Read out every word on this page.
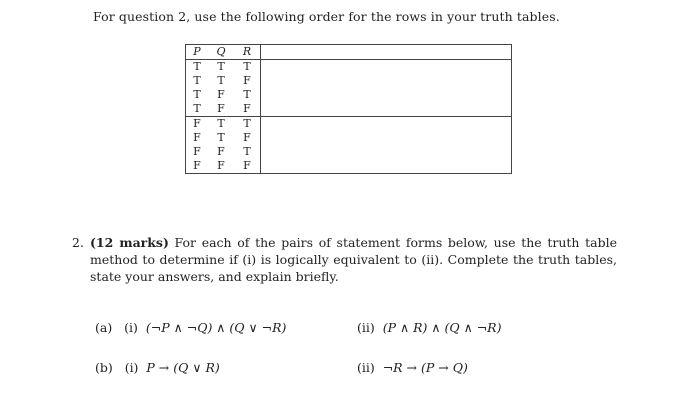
For question 2, use the following order for the rows in your truth tables.
P	Q	R	
T	T	T	
T	T	F	
T	F	T	
T	F	F	
F	T	T	
F	T	F	
F	F	T	
F	F	F	
2. (12 marks) For each of the pairs of statement forms below, use the truth table method to determine if (i) is logically equivalent to (ii). Complete the truth tables, state your answers, and explain briefly.
(a) (i) (¬P ∧ ¬Q) ∧ (Q ∨ ¬R)	(ii) (P ∧ R) ∧ (Q ∧ ¬R)
(b) (i) P → (Q ∨ R)	(ii) ¬R → (P → Q)
